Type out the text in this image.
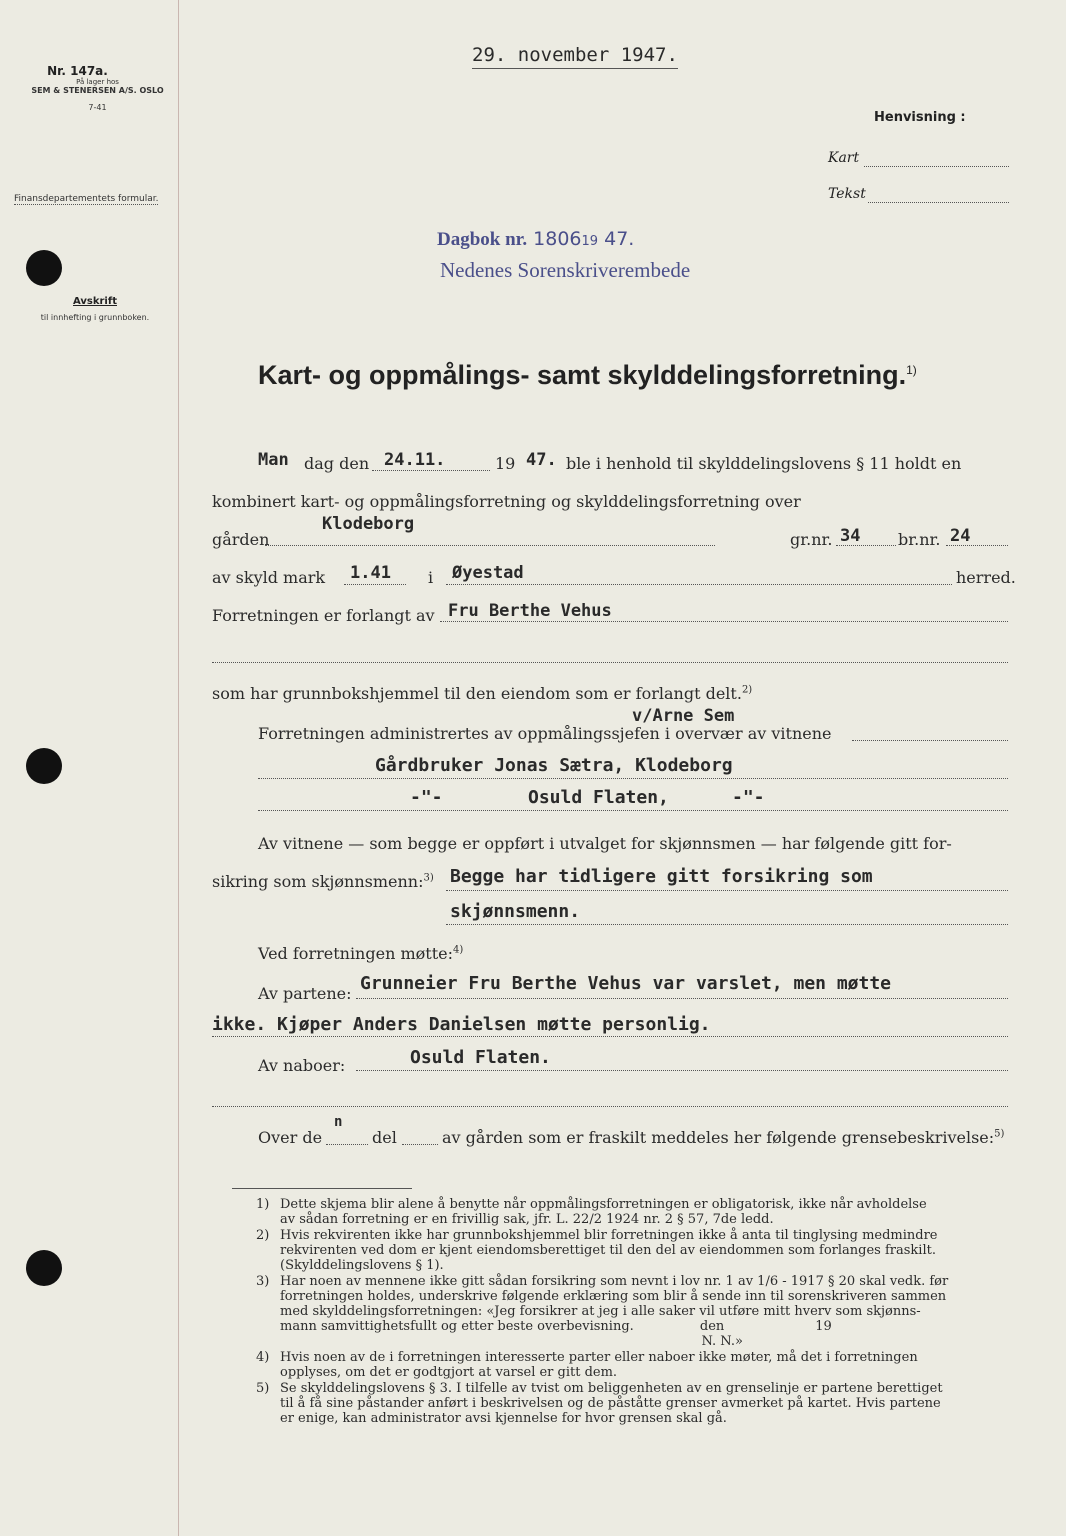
Nr. 147a.
På lager hos
SEM & STENERSEN A/S. OSLO
7-41
Finansdepartementets formular.
Avskrift
til innhefting i grunnboken.
29. november 1947.
Henvisning :
Kart
Tekst
Dagbok nr. 180619 47.
Nedenes Sorenskriverembede
Kart- og oppmålings- samt skylddelingsforretning.$^{1)}$
Man dag den 24.11.	19 47. ble i henhold til skylddelingslovens § 11 holdt en
kombinert kart- og oppmålingsforretning og skylddelingsforretning over
gården
Klodeborg
gr.nr. 34 br.nr. 24
av skyld mark 1.41 i Øyestad	herred.
Forretningen er forlangt av Fru Berthe Vehus
som har grunnbokshjemmel til den eiendom som er forlangt delt.$^{2)}$
v/Arne Sem
Forretningen administrertes av oppmålingssjefen i overvær av vitnene
Gårdbruker Jonas Sætra, Klodeborg
-"-	Osuld Flaten,	-"-
Av vitnene — som begge er oppført i utvalget for skjønnsmen — har følgende gitt for-
sikring som skjønnsmenn:$^{3)}$ Begge har tidligere gitt forsikring som
skjønnsmenn.
Ved forretningen møtte:$^{4)}$
Av partene: Grunneier Fru Berthe Vehus var varslet, men møtte
ikke. Kjøper Anders Danielsen møtte personlig.
Av naboer:	Osuld Flaten.
Over de
n
del	av gården som er fraskilt meddeles her følgende grensebeskrivelse:$^{5)}$
1) Dette skjema blir alene å benytte når oppmålingsforretningen er obligatorisk, ikke når avholdelse
av sådan forretning er en frivillig sak, jfr. L. 22/2 1924 nr. 2 § 57, 7de ledd.
2) Hvis rekvirenten ikke har grunnbokshjemmel blir forretningen ikke å anta til tinglysing medmindre
rekvirenten ved dom er kjent eiendomsberettiget til den del av eiendommen som forlanges fraskilt.
(Skylddelingslovens § 1).
3) Har noen av mennene ikke gitt sådan forsikring som nevnt i lov nr. 1 av 1/6 - 1917 § 20 skal vedk. før
forretningen holdes, underskrive følgende erklæring som blir å sende inn til sorenskriveren sammen
med skylddelingsforretningen: «Jeg forsikrer at jeg i alle saker vil utføre mitt hverv som skjønns-
mann samvittighetsfullt og etter beste overbevisning.                den                      19
N. N.»
4) Hvis noen av de i forretningen interesserte parter eller naboer ikke møter, må det i forretningen
opplyses, om det er godtgjort at varsel er gitt dem.
5) Se skylddelingslovens § 3. I tilfelle av tvist om beliggenheten av en grenselinje er partene berettiget
til å få sine påstander anført i beskrivelsen og de påståtte grenser avmerket på kartet. Hvis partene
er enige, kan administrator avsi kjennelse for hvor grensen skal gå.
